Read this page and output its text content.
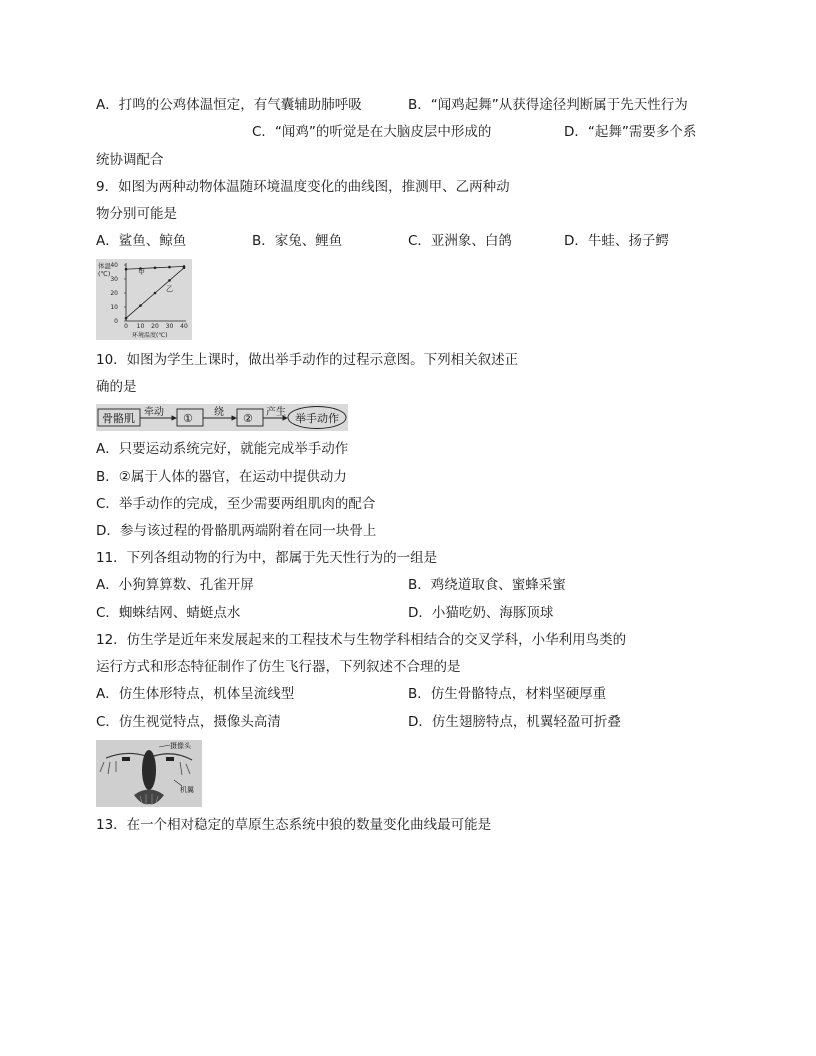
A．打鸣的公鸡体温恒定，有气囊辅助肺呼吸	B．“闻鸡起舞”从获得途径判断属于先天性行为
C．“闻鸡”的听觉是在大脑皮层中形成的	D．“起舞”需要多个系
统协调配合
9．如图为两种动物体温随环境温度变化的曲线图，推测甲、乙两种动
物分别可能是
A．鲨鱼、鲸鱼	B．家兔、鲤鱼	C．亚洲象、白鸽	D．牛蛙、扬子鳄
体温
(℃)
0
10
20
30
40
0 10 20 30 40
甲
乙
环境温度(℃)
10．如图为学生上课时，做出举手动作的过程示意图。下列相关叙述正
确的是
骨骼肌 牵动 ① 绕 ② 产生 举手动作
A．只要运动系统完好，就能完成举手动作
B．②属于人体的器官，在运动中提供动力
C．举手动作的完成，至少需要两组肌肉的配合
D．参与该过程的骨骼肌两端附着在同一块骨上
11．下列各组动物的行为中，都属于先天性行为的一组是
A．小狗算算数、孔雀开屏	B．鸡绕道取食、蜜蜂采蜜
C．蜘蛛结网、蜻蜓点水	D．小猫吃奶、海豚顶球
12．仿生学是近年来发展起来的工程技术与生物学科相结合的交叉学科，小华利用鸟类的
运行方式和形态特征制作了仿生飞行器，下列叙述不合理的是
A．仿生体形特点，机体呈流线型	B．仿生骨骼特点，材料坚硬厚重
C．仿生视觉特点，摄像头高清	D．仿生翅膀特点，机翼轻盈可折叠
摄像头
机翼
13．在一个相对稳定的草原生态系统中狼的数量变化曲线最可能是
